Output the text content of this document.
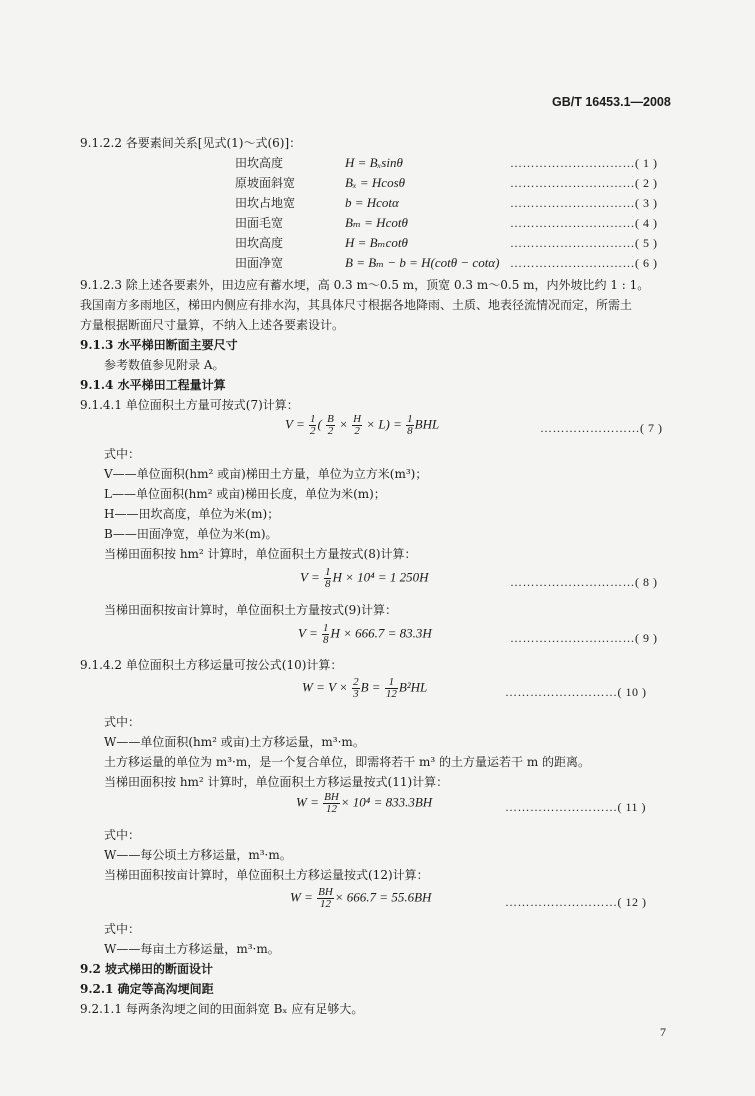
GB/T 16453.1—2008
9.1.2.2 各要素间关系[见式(1)～式(6)]：
田坎高度	H = Bₓsinθ	…………………………( 1 )
原坡面斜宽	Bₓ = Hcosθ	…………………………( 2 )
田坎占地宽	b = Hcotα	…………………………( 3 )
田面毛宽	Bₘ = Hcotθ	…………………………( 4 )
田坎高度	H = Bₘcotθ	…………………………( 5 )
田面净宽	B = Bₘ − b = H(cotθ − cotα) …………………………( 6 )
9.1.2.3 除上述各要素外，田边应有蓄水埂，高 0.3 m～0.5 m，顶宽 0.3 m～0.5 m，内外坡比约 1 : 1。
我国南方多雨地区，梯田内侧应有排水沟，其具体尺寸根据各地降雨、土质、地表径流情况而定，所需土
方量根据断面尺寸量算，不纳入上述各要素设计。
9.1.3 水平梯田断面主要尺寸
参考数值参见附录 A。
9.1.4 水平梯田工程量计算
9.1.4.1 单位面积土方量可按式(7)计算：
$V = \frac{1}{2}$ ( $\frac{B}{2} \times \frac{H}{2} \times L) = \frac{1}{8}$ BHL	……………………( 7 )
式中：
V——单位面积(hm² 或亩)梯田土方量，单位为立方米(m³)；
L——单位面积(hm² 或亩)梯田长度，单位为米(m)；
H——田坎高度，单位为米(m)；
B——田面净宽，单位为米(m)。
当梯田面积按 hm² 计算时，单位面积土方量按式(8)计算：
$V = \frac{1}{8}$ H × 10⁴ = 1 250H	…………………………( 8 )
当梯田面积按亩计算时，单位面积土方量按式(9)计算：
$V = \frac{1}{8}$ H × 666.7 = 83.3H	…………………………( 9 )
9.1.4.2 单位面积土方移运量可按公式(10)计算：
$W = V \times \frac{2}{3}$ $B = \frac{1}{12} B^2HL$	………………………( 10 )
式中：
W——单位面积(hm² 或亩)土方移运量，m³·m。
土方移运量的单位为 m³·m，是一个复合单位，即需将若干 m³ 的土方量运若干 m 的距离。
当梯田面积按 hm² 计算时，单位面积土方移运量按式(11)计算：
$W = \frac{BH}{12} \times 10^4 = 833.3BH$	………………………( 11 )
式中：
W——每公顷土方移运量，m³·m。
当梯田面积按亩计算时，单位面积土方移运量按式(12)计算：
$W = \frac{BH}{12} \times 666.7 = 55.6BH$	………………………( 12 )
式中：
W——每亩土方移运量，m³·m。
9.2 坡式梯田的断面设计
9.2.1 确定等高沟埂间距
9.2.1.1 每两条沟埂之间的田面斜宽 Bₓ 应有足够大。
7
